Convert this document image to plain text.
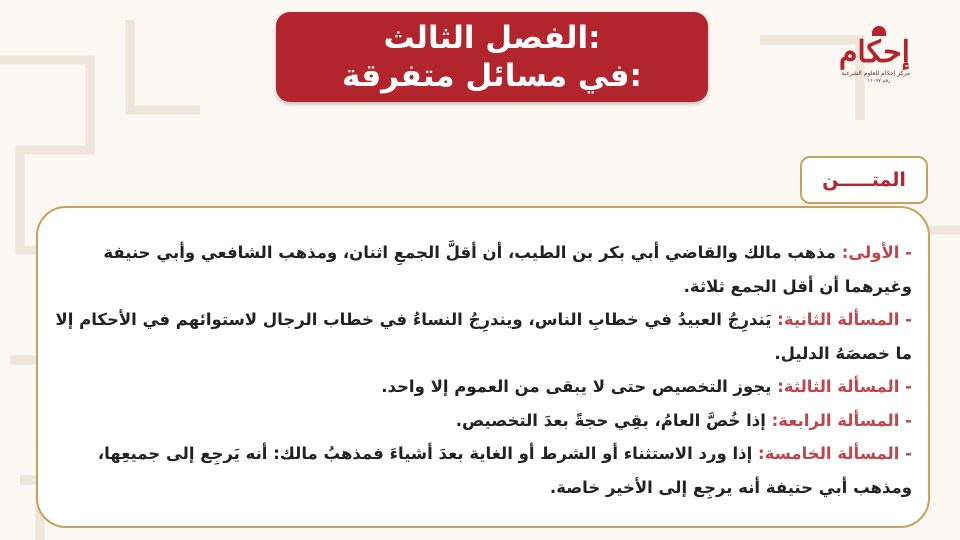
الفصل الثالث:
في مسائل متفرقة:
إحكام
مركز إحكام للعلوم الشرعية
رقم ١١٠٩٧
المتـــــن

- الأولى: مذهب مالك والقاضي أبي بكر بن الطيب، أن أقلَّ الجمعِ اثنان، ومذهب الشافعي وأبي حنيفة وغيرهما أن أقل الجمع ثلاثة.

- المسألة الثانية: يَندرِجُ العبيدُ في خطابِ الناس، ويندرِجُ النساءُ في خطاب الرجال لاستوائهم في الأحكام إلا ما خصصَهُ الدليل.

- المسألة الثالثة: يجوز التخصيص حتى لا يبقى من العموم إلا واحد.

- المسألة الرابعة: إذا خُصَّ العامُ، بقِي حجةً بعدَ التخصيص.

- المسألة الخامسة: إذا ورد الاستثناء أو الشرط أو الغاية بعدَ أشياءَ فمذهبُ مالك: أنه يَرجِع إلى جميعِها، ومذهب أبي حنيفة أنه يرجِع إلى الأخير خاصة.
